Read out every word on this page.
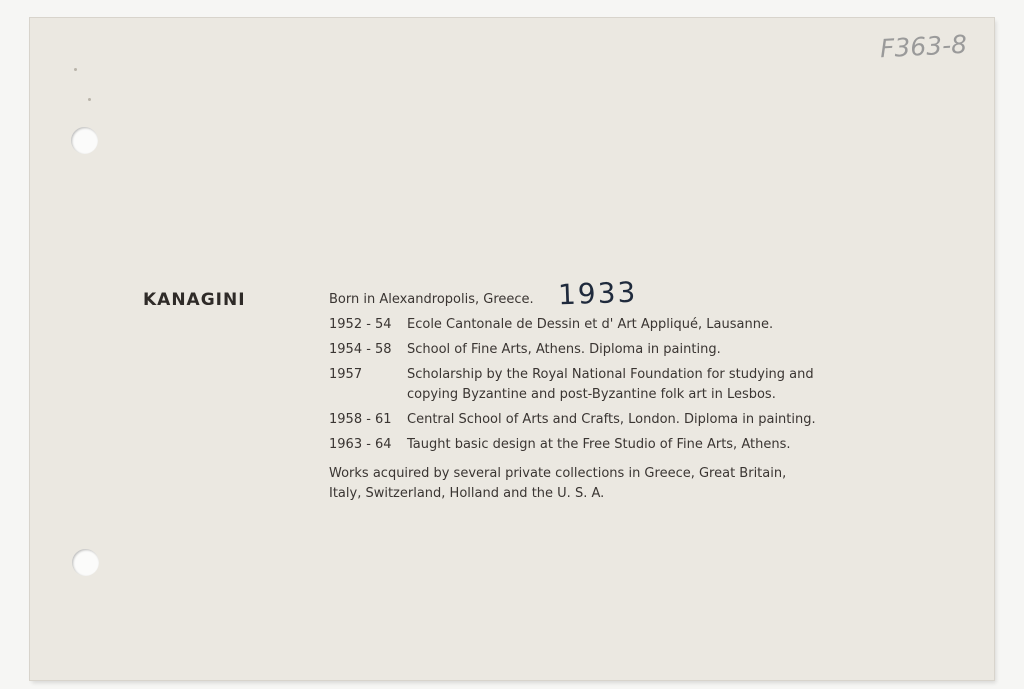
F363-8
KANAGINI	Born in Alexandropolis, Greece. 1933
1952 - 54	Ecole Cantonale de Dessin et d' Art Appliqué, Lausanne.
1954 - 58	School of Fine Arts, Athens. Diploma in painting.
1957	Scholarship by the Royal National Foundation for studying and copying Byzantine and post-Byzantine folk art in Lesbos.
1958 - 61	Central School of Arts and Crafts, London. Diploma in painting.
1963 - 64	Taught basic design at the Free Studio of Fine Arts, Athens.
Works acquired by several private collections in Greece, Great Britain, Italy, Switzerland, Holland and the U. S. A.
